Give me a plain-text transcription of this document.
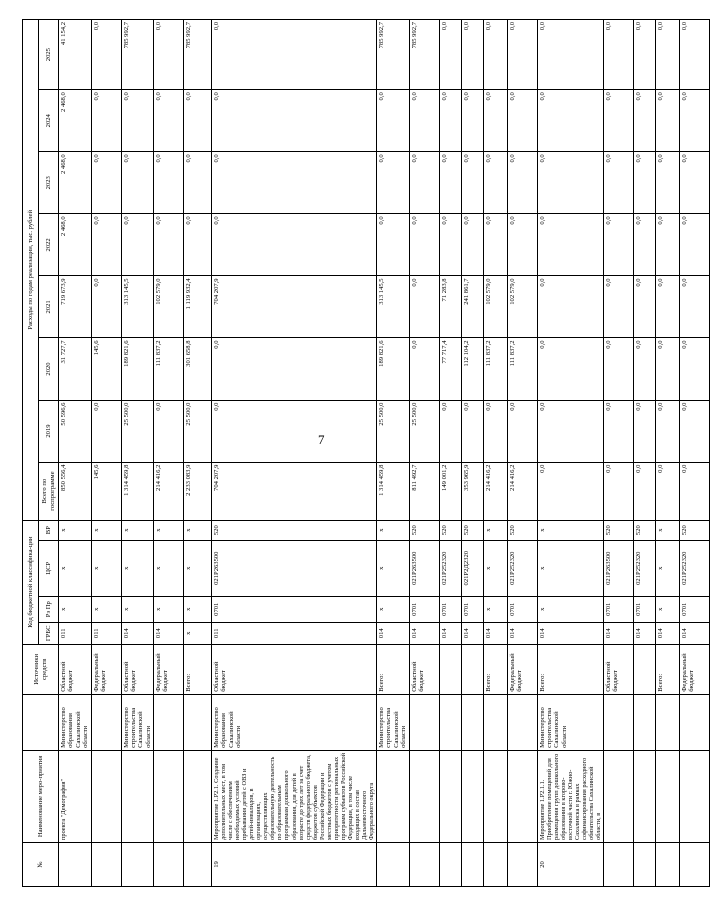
7
№	Наименование меро-приятия		Источники средств	Код бюджетной классифика-ции				Расходы по годам реализации, тыс. рублей							
				ГРБС	Рз Пр	ЦСР	ВР	Всего по госпрограмме	2019	2020	2021	2022	2023	2024	2025

	проекта "Демография"	Министерство образования Сахалинской области	Областной бюджет	011	x	x	x	850 556,4	50 596,6	31 727,7	719 673,9	2 468,0	2 468,0	2 468,0	41 154,2
			Федеральный бюджет	011	x	x	x	145,6	0,0	145,6	0,0	0,0	0,0	0,0	0,0
		Министерство строительства Сахалинской области	Областной бюджет	014	x	x	x	1 314 459,8	25 500,0	189 821,6	313 145,5	0,0	0,0	0,0	785 992,7
			Федеральный бюджет	014	x	x	x	214 416,2	0,0	111 837,2	102 579,0	0,0	0,0	0,0	0,0
			Всего:	x	x	x	x	2 233 083,9	25 500,0	301 658,8	1 119 932,4	0,0	0,0	0,0	785 992,7
19	Мероприятие 1.Р2.1. Создание дополнительных мест, в том числе с обеспечением необходимых условий пребывания детей с ОВЗ и детей-инвалидов, в организациях, осуществляющих образовательную деятельность по образовательным программам дошкольного образования, для детей в возрасте до трех лет за счет средств федерального бюджета, бюджетов субъектов Российской Федерации и местных бюджетов с учетом приоритетности региональных программ субъектов Российской Федерации, в том числе входящих в состав Дальневосточного Федерального округа	Министерство образования Сахалинской области	Областной бюджет	011	0701	021Р263500	520	704 207,9	0,0	0,0	704 207,9	0,0	0,0	0,0	0,0
		Министерство строительства Сахалинской области	Всего:	014	x	x	x	1 314 459,8	25 500,0	189 821,6	313 145,5	0,0	0,0	0,0	785 992,7
			Областной бюджет	014	0701	021Р263500	520	811 492,7	25 500,0	0,0	0,0	0,0	0,0	0,0	785 992,7
				014	0701	021Р252320	520	149 001,2	0,0	77 717,4	71 283,8	0,0	0,0	0,0	0,0
				014	0701	021Р2Д2320	520	353 965,9	0,0	112 104,2	241 861,7	0,0	0,0	0,0	0,0
			Всего:	014	x	x	x	214 416,2	0,0	111 837,2	102 579,0	0,0	0,0	0,0	0,0
			Федеральный бюджет	014	0701	021Р252320	520	214 416,2	0,0	111 837,2	102 579,0	0,0	0,0	0,0	0,0
20	Мероприятие 1.Р2.1.1. Приобретение помещений для размещения групп дошкольного образования в кгорово-восточной части г. Южно-Сахалинска в рамках софинансирования расходного обязательства Сахалинской области, в	Министерство строительства Сахалинской области	Всего:	014	x	x	x	0,0	0,0	0,0	0,0	0,0	0,0	0,0	0,0
			Областной бюджет	014	0701	021Р263500	520	0,0	0,0	0,0	0,0	0,0	0,0	0,0	0,0
				014	0701	021Р252320	520	0,0	0,0	0,0	0,0	0,0	0,0	0,0	0,0
			Всего:	014	x	x	x	0,0	0,0	0,0	0,0	0,0	0,0	0,0	0,0
			Федеральный бюджет	014	0701	021Р252320	520	0,0	0,0	0,0	0,0	0,0	0,0	0,0	0,0
